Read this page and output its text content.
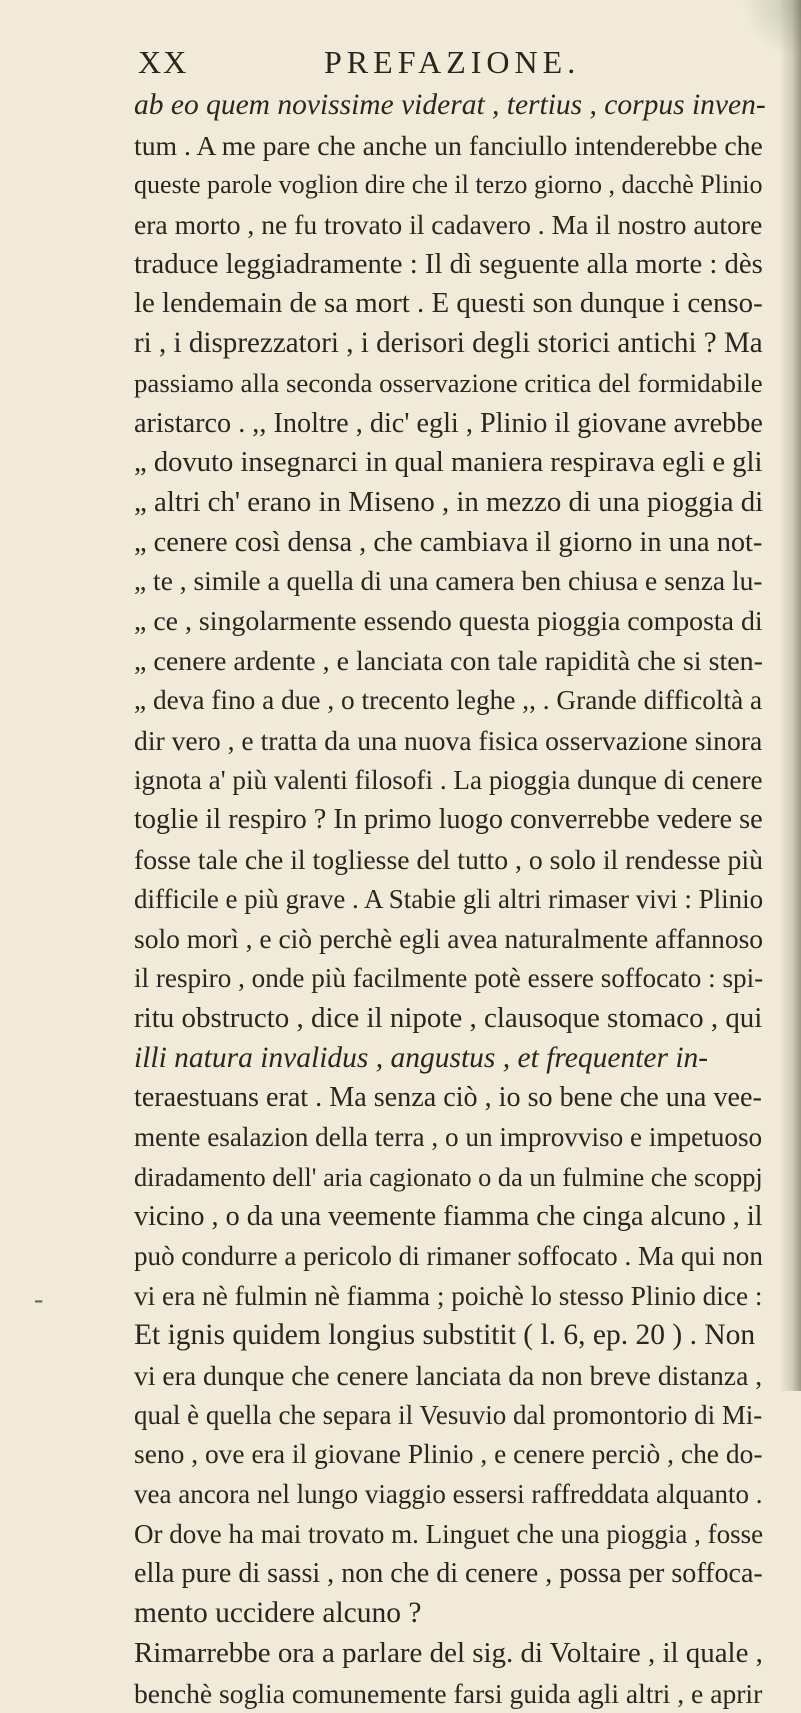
XX	PREFAZIONE.
ab eo quem novissime viderat , tertius , corpus inven-
tum . A me pare che anche un fanciullo intenderebbe che
queste parole voglion dire che il terzo giorno , dacchè Plinio
era morto , ne fu trovato il cadavero . Ma il nostro autore
traduce leggiadramente : Il dì seguente alla morte : dès
le lendemain de sa mort . E questi son dunque i censo-
ri , i disprezzatori , i derisori degli storici antichi ? Ma
passiamo alla seconda osservazione critica del formidabile
aristarco . ,, Inoltre , dic' egli , Plinio il giovane avrebbe
„ dovuto insegnarci in qual maniera respirava egli e gli
„ altri ch' erano in Miseno , in mezzo di una pioggia di
„ cenere così densa , che cambiava il giorno in una not-
„ te , simile a quella di una camera ben chiusa e senza lu-
„ ce , singolarmente essendo questa pioggia composta di
„ cenere ardente , e lanciata con tale rapidità che si sten-
„ deva fino a due , o trecento leghe ,, . Grande difficoltà a
dir vero , e tratta da una nuova fisica osservazione sinora
ignota a' più valenti filosofi . La pioggia dunque di cenere
toglie il respiro ? In primo luogo converrebbe vedere se
fosse tale che il togliesse del tutto , o solo il rendesse più
difficile e più grave . A Stabie gli altri rimaser vivi : Plinio
solo morì , e ciò perchè egli avea naturalmente affannoso
il respiro , onde più facilmente potè essere soffocato : spi-
ritu obstructo , dice il nipote , clausoque stomaco , qui
illi natura invalidus , angustus , et frequenter in-
teraestuans erat . Ma senza ciò , io so bene che una vee-
mente esalazion della terra , o un improvviso e impetuoso
diradamento dell' aria cagionato o da un fulmine che scoppj
vicino , o da una veemente fiamma che cinga alcuno , il
può condurre a pericolo di rimaner soffocato . Ma qui non
vi era nè fulmin nè fiamma ; poichè lo stesso Plinio dice :
Et ignis quidem longius substitit ( l. 6, ep. 20 ) . Non
vi era dunque che cenere lanciata da non breve distanza ,
qual è quella che separa il Vesuvio dal promontorio di Mi-
seno , ove era il giovane Plinio , e cenere perciò , che do-
vea ancora nel lungo viaggio essersi raffreddata alquanto .
Or dove ha mai trovato m. Linguet che una pioggia , fosse
ella pure di sassi , non che di cenere , possa per soffoca-
mento uccidere alcuno ?
Rimarrebbe ora a parlare del sig. di Voltaire , il quale ,
benchè soglia comunemente farsi guida agli altri , e aprir
-
